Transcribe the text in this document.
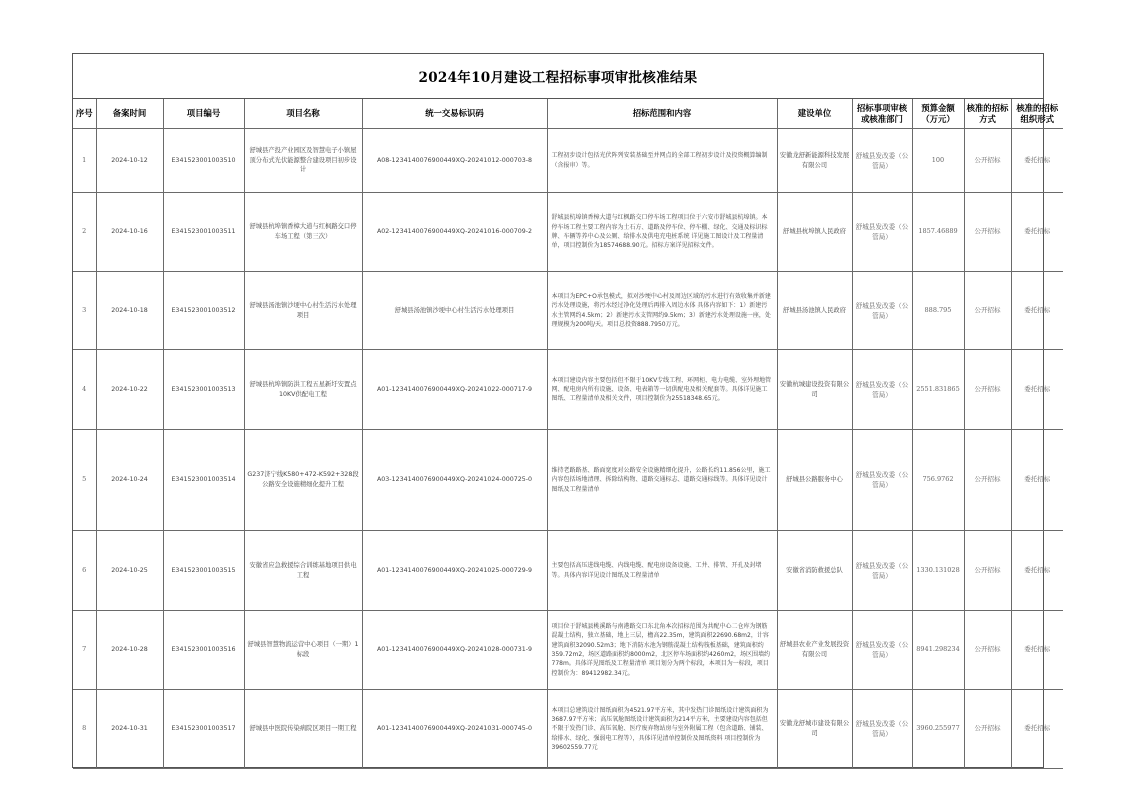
2024年10月建设工程招标事项审批核准结果
序号	备案时间	项目编号	项目名称	统一交易标识码	招标范围和内容	建设单位	招标事项审核或核准部门	预算金额（万元）	核准的招标方式	核准的招标组织形式
1	2024-10-12	E341523001003510	舒城县产投产业园区及智慧电子小镇屋顶分布式光伏能源整合建设项目初步设计	A08-1234140076900449XQ-20241012-000703-8	工程初步设计包括光伏阵列安装基础至并网点的全部工程初步设计及投资概算编制（含报审）等。	安徽龙舒新能源科技发展有限公司	舒城县发改委（公管局）	100	公开招标	委托招标
2	2024-10-16	E341523001003511	舒城县杭埠镇香樟大道与红枫路交口停车场工程（第三次）	A02-1234140076900449XQ-20241016-000709-2	舒城县杭埠镇香樟大道与红枫路交口停车场工程项目位于六安市舒城县杭埠镇。本停车场工程主要工程内容为土石方、道路及停车位、停车棚、绿化、交通及标识标牌、车辆等养中心及公厕、给排水及供电充电桩系统 详见施工图设计及工程量清单，项目控制价为18574688.90元。招标方案详见招标文件。	舒城县杭埠镇人民政府	舒城县发改委（公管局）	1857.46889	公开招标	委托招标
3	2024-10-18	E341523001003512	舒城县汤池镇沙埂中心村生活污水处理项目	舒城县汤池镇沙埂中心村生活污水处理项目	本项目为EPC+O承包模式，拟对沙埂中心村及周边区域的污水进行有效收集并新建污水处理设施，将污水经过净化处理后再排入周边水体 具体内容如下：1）新建污水主管网约4.5km；2）新建污水支管网约9.5km；3）新建污水处理设施一座，处理规模为200吨/天。项目总投资888.7950万元。	舒城县汤池镇人民政府	舒城县发改委（公管局）	888.795	公开招标	委托招标
4	2024-10-22	E341523001003513	舒城县杭埠镇防洪工程五星新圩安置点10KV供配电工程	A01-1234140076900449XQ-20241022-000717-9	本项目建设内容主要包括但不限于10KV专线工程、环网柜、电力电缆、室外埋地管网、配电房内所有设施、设备、电表箱等一切供配电及相关配套等。具体详见施工图纸、工程量清单及相关文件，项目控制价为25518348.65元。	安徽杭城建设投资有限公司	舒城县发改委（公管局）	2551.831865	公开招标	委托招标
5	2024-10-24	E341523001003514	G237济宁线K580+472-K592+328段公路安全设施精细化提升工程	A03-1234140076900449XQ-20241024-000725-0	维持老路路基、路面宽度对公路安全设施精细化提升，公路长约11.856公里，施工内容包括场地清理、拆除结构物、道路交通标志、道路交通标线等。具体详见设计图纸及工程量清单	舒城县公路服务中心	舒城县发改委（公管局）	756.9762	公开招标	委托招标
6	2024-10-25	E341523001003515	安徽省应急救援综合训练基地项目供电工程	A01-1234140076900449XQ-20241025-000729-9	主要包括高压进线电缆、内线电缆、配电房设备设施、工井、排管、开孔及封堵等。具体内容详见设计图纸及工程量清单	安徽省消防救援总队	舒城县发改委（公管局）	1330.131028	公开招标	委托招标
7	2024-10-28	E341523001003516	舒城县智慧物流运营中心项目（一期）1标段	A01-1234140076900449XQ-20241028-000731-9	项目位于舒城县桃溪路与南港路交口东北角本次招标范围为共配中心二仓库为钢筋混凝土结构，独立基础，地上三层，檐高22.35m，建筑面积22690.68m2，计容建筑面积32090.52m3；地下消防水池为钢筋混凝土结构筏板基础，建筑面积约359.72m2，场区道路面积约8000m2，北区停车场面积约4260m2，场区围墙约778m。具体详见图纸及工程量清单 项目划分为两个标段，本项目为一标段，项目控制价为：89412982.34元。	舒城县农业产业发展投资有限公司	舒城县发改委（公管局）	8941.298234	公开招标	委托招标
8	2024-10-31	E341523001003517	舒城县中医院传染病院区项目一期工程	A01-1234140076900449XQ-20241031-000745-0	本项目总建筑设计图纸面积为4521.97平方米，其中发热门诊图纸设计建筑面积为3687.97平方米；高压氧舱图纸设计建筑面积为214平方米，主要建设内容包括但不限于发热门诊、高压氧舱、医疗废弃物站房与室外附属工程（包含道路、铺装、给排水、绿化、强弱电工程等），具体详见清单控制价及图纸资料 项目控制价为39602559.77元	安徽龙舒城市建设有限公司	舒城县发改委（公管局）	3960.255977	公开招标	委托招标
